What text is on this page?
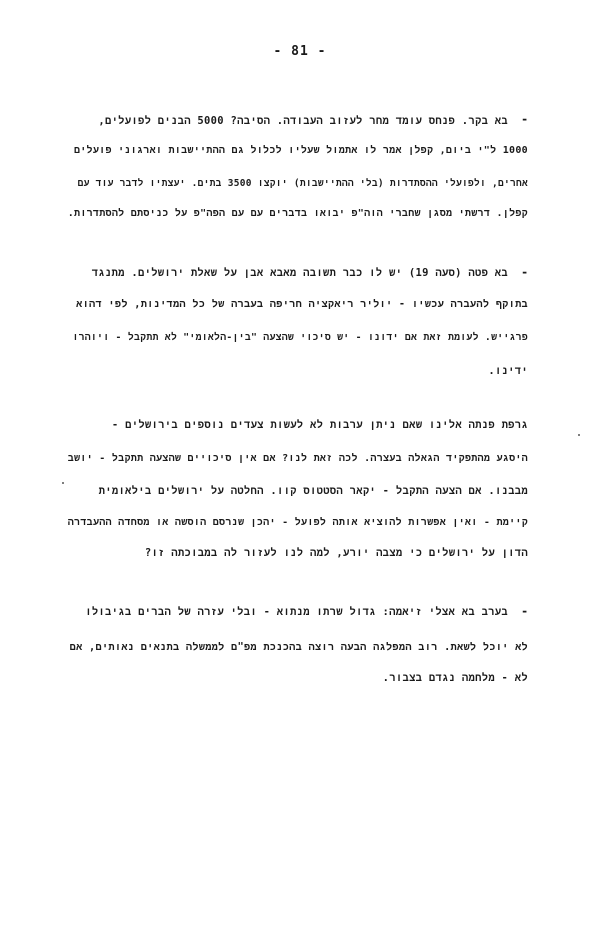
- 81 -
-
בא בקר. פנחס עומד מחר לעזוב העבודה. הסיבה? 5000 הבנים לפועלים,
1000 ל"י ביום, קפלן אמר לו אתמול שעליו לכלול גם ההתיישבות וארגוני פועלים
אחרים, ולפועלי ההסתדרות (בלי ההתיישבות) יוקצו 3500 בתים. יעצתיו לדבר עוד עם
קפלן. דרשתי מסגן שחברי הוה"פ יבואו בדברים עם עם הפה"פ על כניסתם להסתדרות.
-
בא פטה (סעה 19) יש לו כבר תשובה מאבא אבן על שאלת ירושלים. מתנגד
בתוקף להעברה עכשיו - יוליר ריאקציה חריפה בעברה של כל המדינות, לפי דהוא
פרגייש. לעומת זאת אם ידונו - יש סיכוי שהצעה "בין-הלאומי" לא תתקבל - ויוהרו
ידינו.
גרפת פנתה אלינו שאם ניתן ערבות לא לעשות צעדים נוספים בירושלים -
היסגע מהתפקיד הגאלה בעצרה. לכה זאת לנו? אם אין סיכויים שהצעה תתקבל - יושב
מבבנו. אם הצעה התקבל - יקאר הסטטוס קוו. החלטה על ירושלים בילאומית
קיימת - ואין אפשרות להוציא אותה לפועל - יהכן שנרסם הוסשה או מסחדה ההעבדרה
הדון על ירושלים כי מצבה יורע, למה לנו לעזור לה במבוכתה זו?
-
בערב בא אצלי זיאמה: גדול שרתו מנתוא - ובלי עזרה של הברים בגיבולו
לא יוכל לשאת. רוב המפלגה הבעה רוצה בהכנכת מפ"ם לממשלה בתנאים נאותים, אם
לא - מלחמה נגדם בצבור.
